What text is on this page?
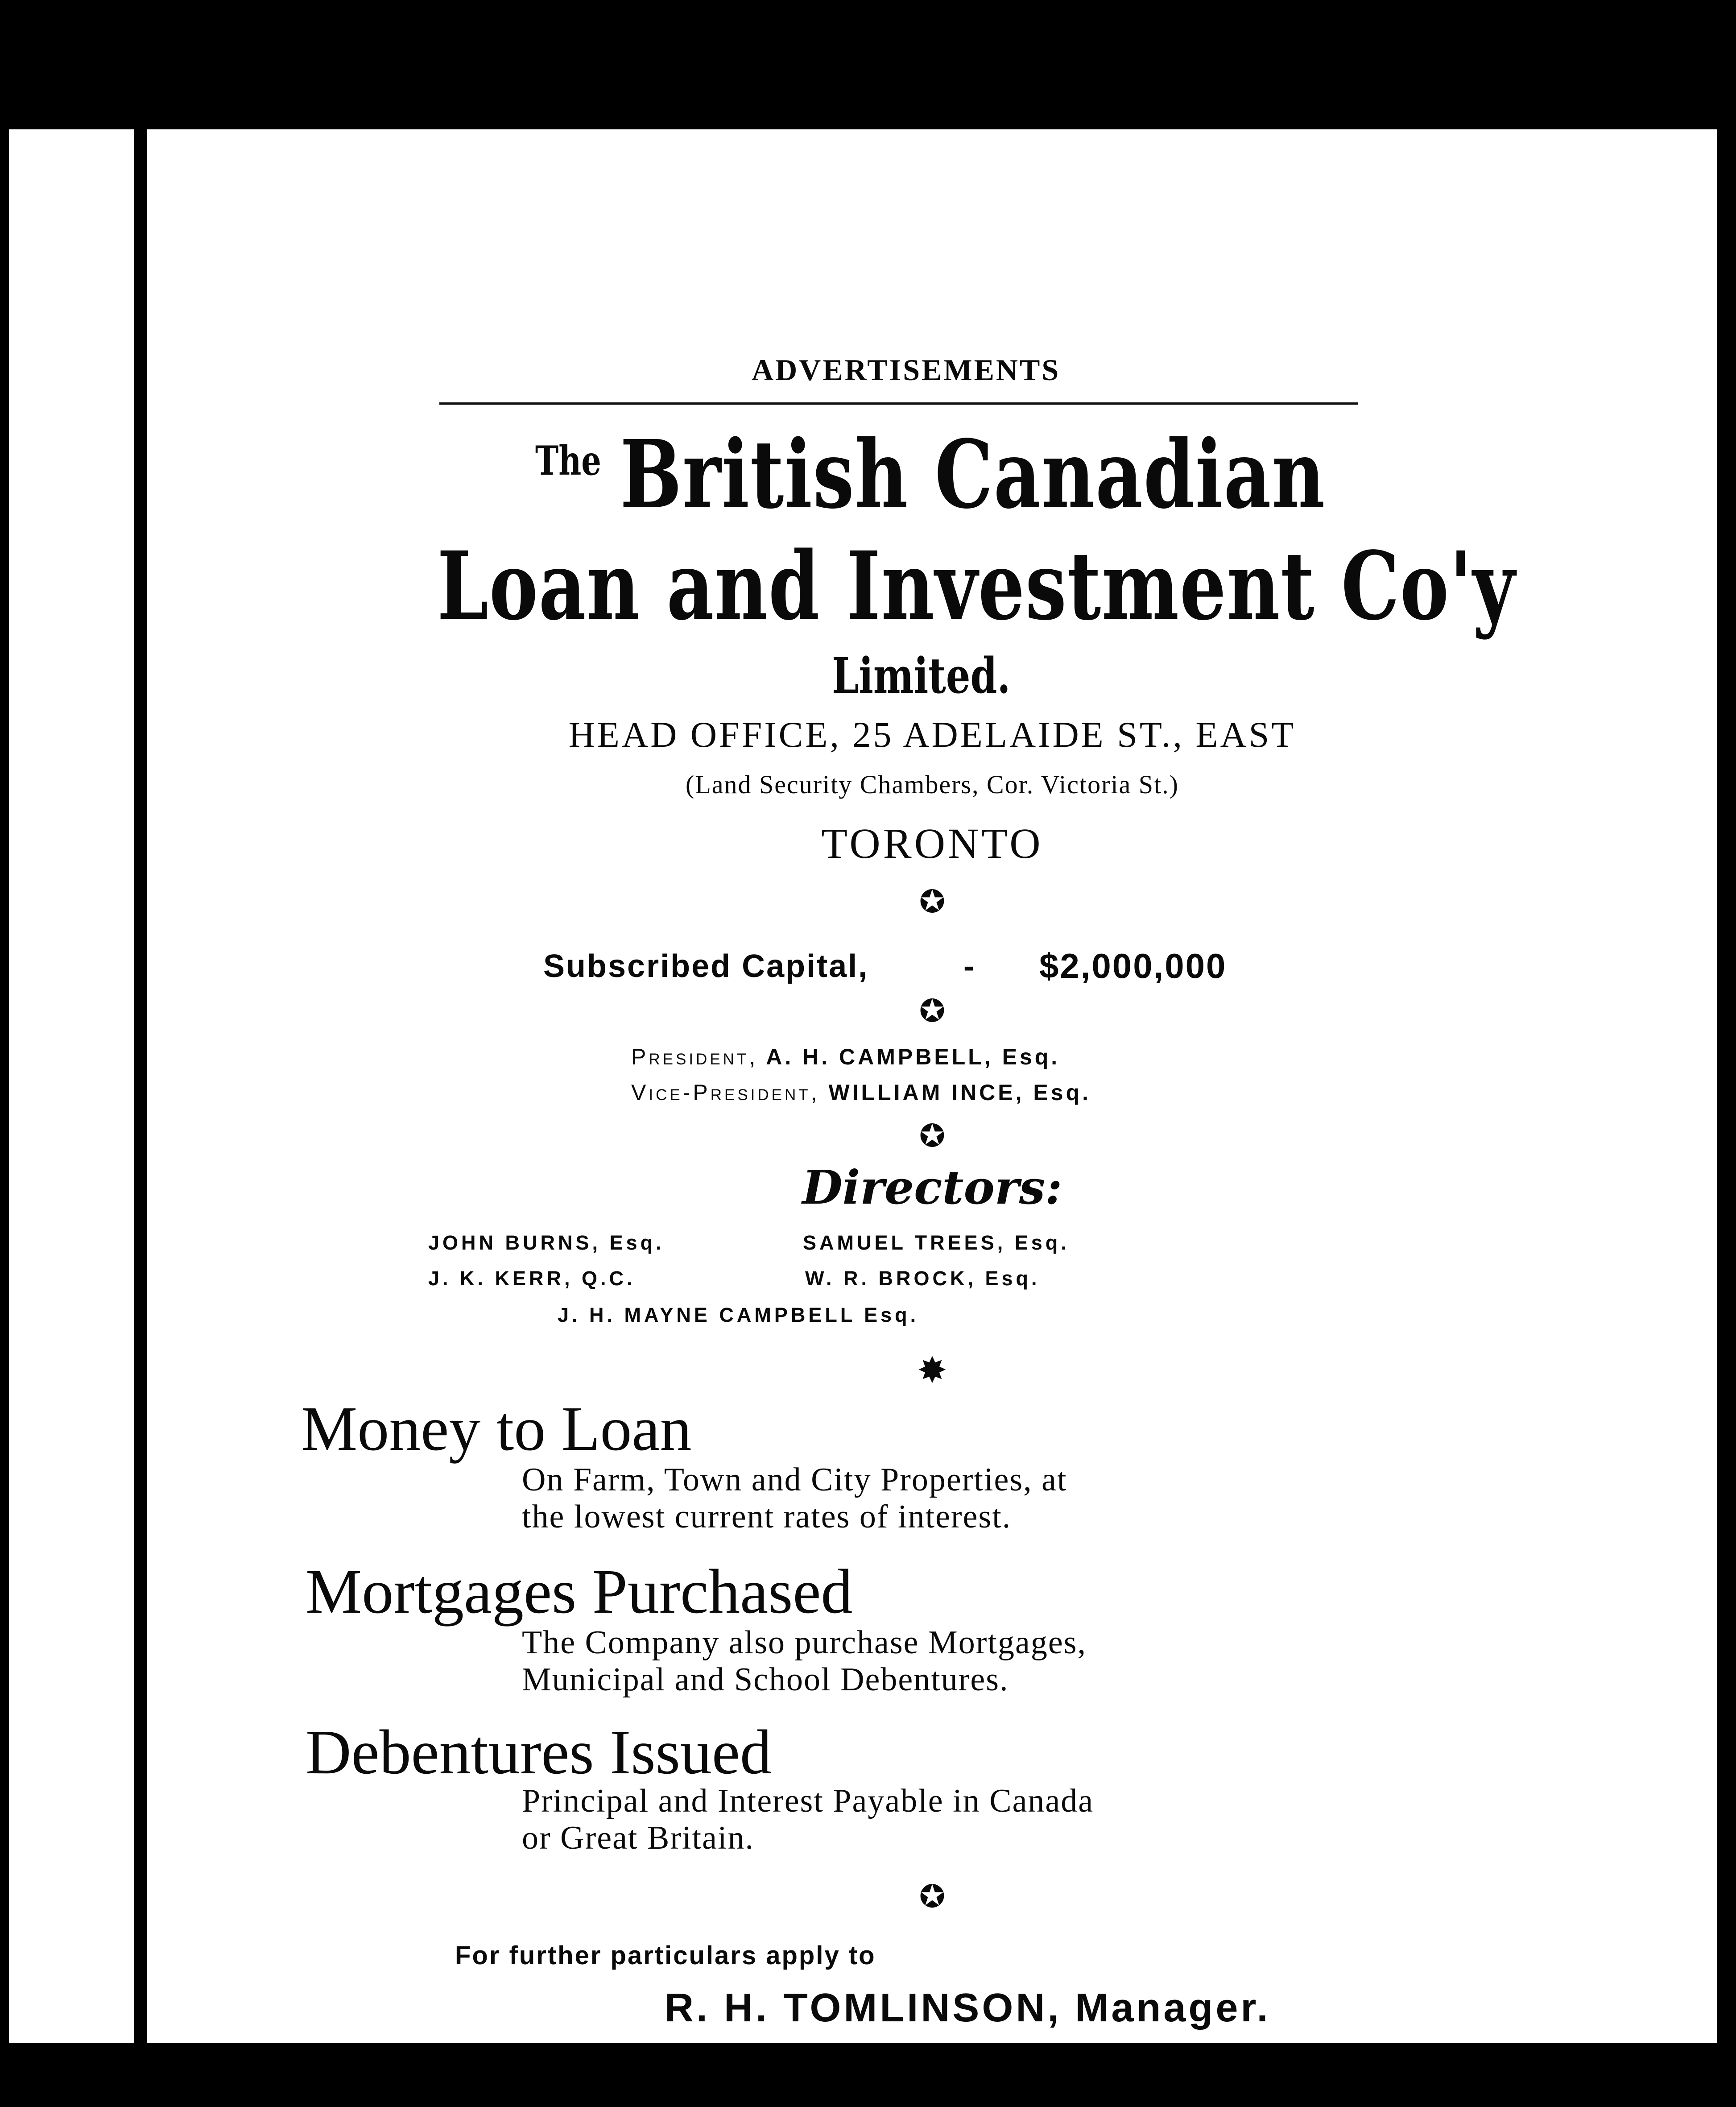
ADVERTISEMENTS
The British Canadian
Loan and Investment Co'y
Limited.
HEAD OFFICE, 25 ADELAIDE ST., EAST
(Land Security Chambers, Cor. Victoria St.)
TORONTO
✪
Subscribed Capital,	- $2,000,000
✪
President, A. H. CAMPBELL, Esq.
Vice-President, WILLIAM INCE, Esq.
✪
Directors:
JOHN BURNS, Esq.	SAMUEL TREES, Esq.
J. K. KERR, Q.C.	W. R. BROCK, Esq.
J. H. MAYNE CAMPBELL Esq.
✸
Money to Loan
On Farm, Town and City Properties, at
the lowest current rates of interest.
Mortgages Purchased
The Company also purchase Mortgages,
Municipal and School Debentures.
Debentures Issued
Principal and Interest Payable in Canada
or Great Britain.
✪
For further particulars apply to
R. H. TOMLINSON, Manager.
